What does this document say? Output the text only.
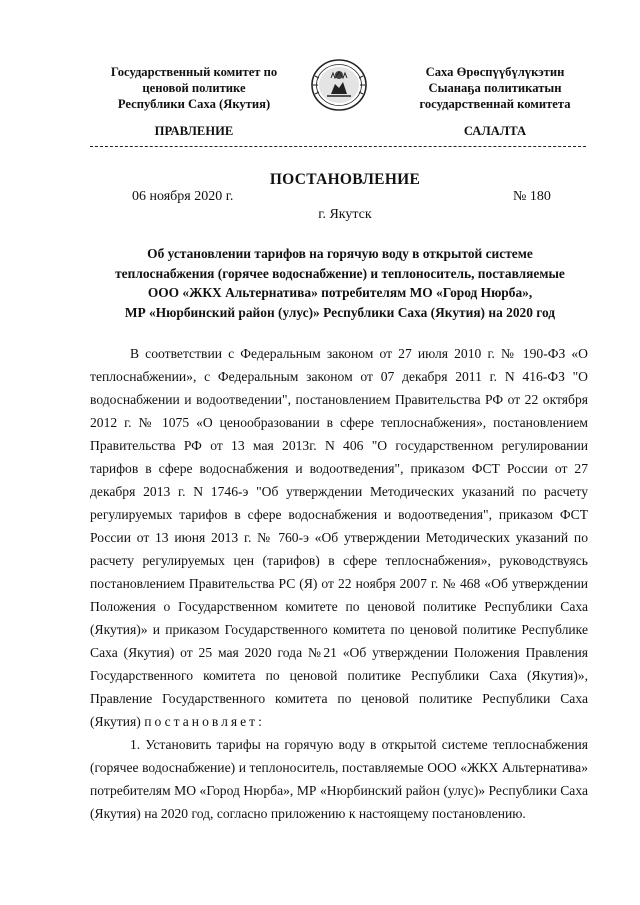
Государственный комитет по
ценовой политике
Республики Саха (Якутия)
Саха Өрөспүүбүлүкэтин
Сыанаҕа политикатын
государственнай комитета
ПРАВЛЕНИЕ	САЛАЛТА
ПОСТАНОВЛЕНИЕ
06 ноября 2020 г.	№ 180
г. Якутск
Об установлении тарифов на горячую воду в открытой системе
теплоснабжения (горячее водоснабжение) и теплоноситель, поставляемые
ООО «ЖКХ Альтернатива» потребителям МО «Город Нюрба»,
МР «Нюрбинский район (улус)» Республики Саха (Якутия) на 2020 год

В соответствии с Федеральным законом от 27 июля 2010 г. № 190-ФЗ «О теплоснабжении», с Федеральным законом от 07 декабря 2011 г. N 416-ФЗ "О водоснабжении и водоотведении", постановлением Правительства РФ от 22 октября 2012 г. № 1075 «О ценообразовании в сфере теплоснабжения», постановлением Правительства РФ от 13 мая 2013г. N 406 "О государственном регулировании тарифов в сфере водоснабжения и водоотведения", приказом ФСТ России от 27 декабря 2013 г. N 1746-э "Об утверждении Методических указаний по расчету регулируемых тарифов в сфере водоснабжения и водоотведения", приказом ФСТ России от 13 июня 2013 г. № 760-э «Об утверждении Методических указаний по расчету регулируемых цен (тарифов) в сфере теплоснабжения», руководствуясь постановлением Правительства РС (Я) от 22 ноября 2007 г. № 468 «Об утверждении Положения о Государственном комитете по ценовой политике Республики Саха (Якутия)» и приказом Государственного комитета по ценовой политике Республике Саха (Якутия) от 25 мая 2020 года №21 «Об утверждении Положения Правления Государственного комитета по ценовой политике Республики Саха (Якутия)», Правление Государственного комитета по ценовой политике Республики Саха (Якутия) постановляет:

1. Установить тарифы на горячую воду в открытой системе теплоснабжения (горячее водоснабжение) и теплоноситель, поставляемые ООО «ЖКХ Альтернатива» потребителям МО «Город Нюрба», МР «Нюрбинский район (улус)» Республики Саха (Якутия) на 2020 год, согласно приложению к настоящему постановлению.
